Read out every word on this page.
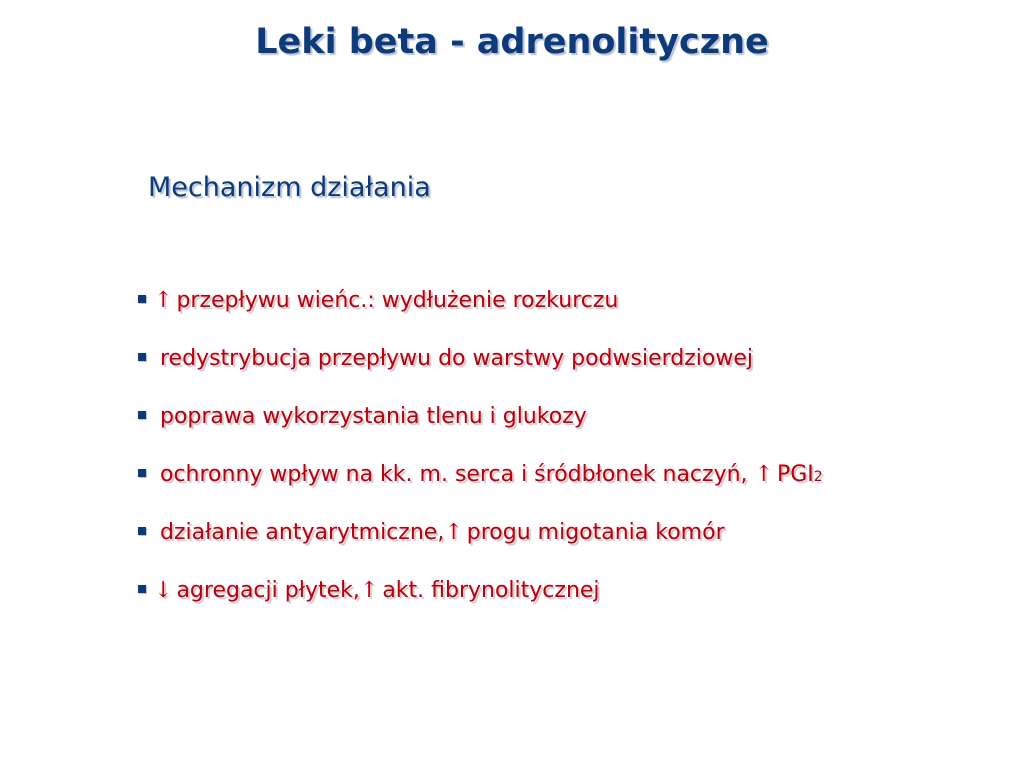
Leki beta - adrenolityczne
Mechanizm działania
↑ przepływu wieńc.: wydłużenie rozkurczu
redystrybucja przepływu do warstwy podwsierdziowej
poprawa wykorzystania tlenu i glukozy
ochronny wpływ na kk. m. serca i śródbłonek naczyń, ↑ PGI 2
działanie antyarytmiczne, ↑ progu migotania komór
↓ agregacji płytek, ↑ akt. fibrynolitycznej
